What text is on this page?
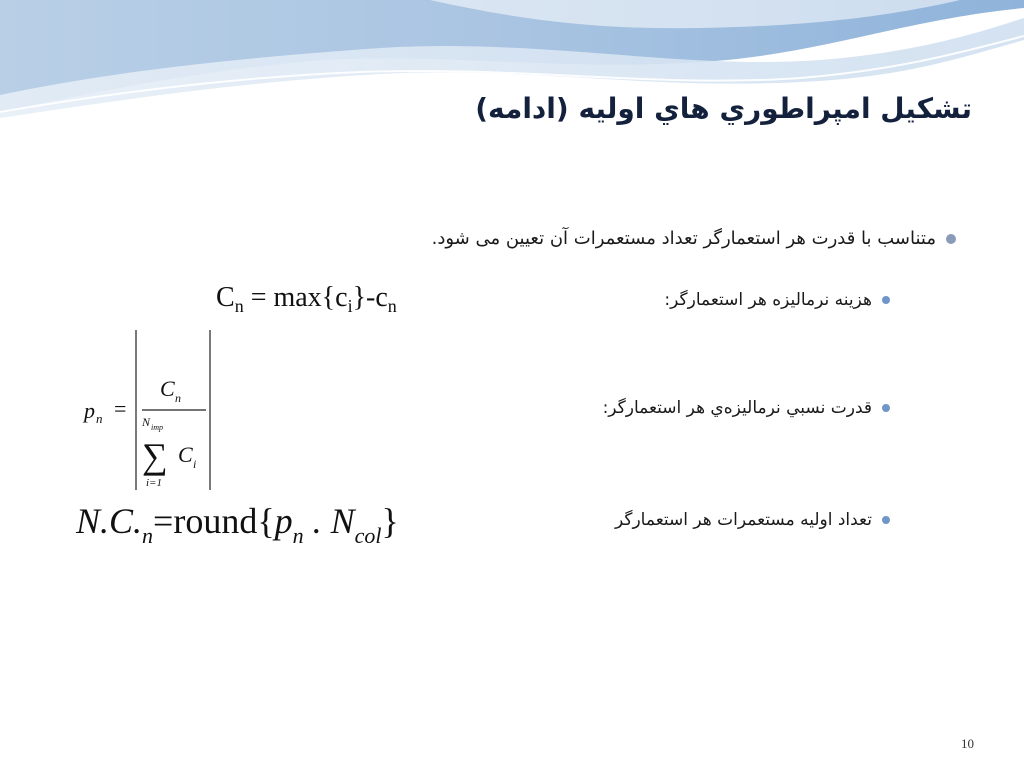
تشکیل امپراطوري هاي اوليه (ادامه)
متناسب با قدرت هر استعمارگر تعداد مستعمرات آن تعیین می شود.
هزينه نرماليزه هر استعمارگر:
قدرت نسبي نرماليزه‌ي هر استعمارگر:
تعداد اوليه مستعمرات هر استعمارگر
$C_n = \max\{c_i\}-c_n$
p n =
C n
N imp
∑
i=1
C i
$N.C._n=round\{p_n$ . $N_{col}$}
10
